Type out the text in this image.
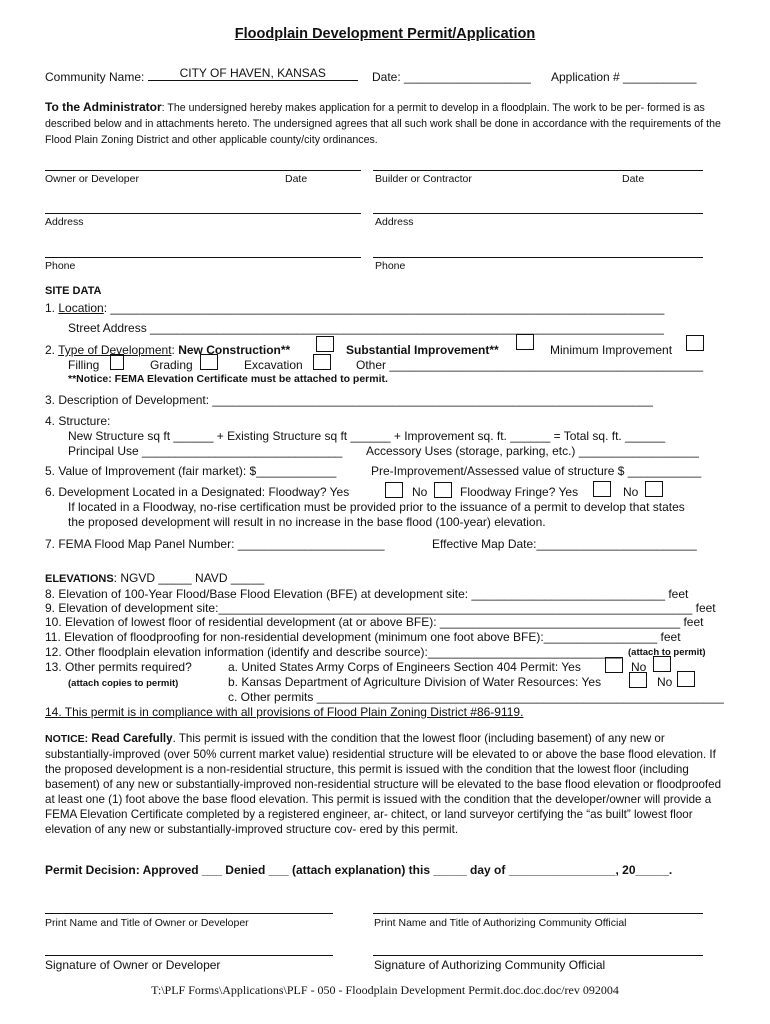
Floodplain Development Permit/Application
Community Name:	CITY OF HAVEN, KANSAS	Date: ___________________ Application # ___________
To the Administrator: The undersigned hereby makes application for a permit to develop in a floodplain. The work to be per- formed is as described below and in attachments hereto. The undersigned agrees that all such work shall be done in accordance with the requirements of the Flood Plain Zoning District and other applicable county/city ordinances.
Owner or Developer	Date	Builder or Contractor	Date
Address	Address
Phone	Phone
SITE DATA
1. Location: ___________________________________________________________________________________
Street Address _____________________________________________________________________________
2. Type of Development: New Construction**	Substantial Improvement**	Minimum Improvement
Filling	Grading	Excavation	Other _______________________________________________
**Notice: FEMA Elevation Certificate must be attached to permit.
3. Description of Development: __________________________________________________________________
4. Structure:
New Structure sq ft ______ + Existing Structure sq ft ______ + Improvement sq. ft. ______ = Total sq. ft. ______
Principal Use ______________________________ Accessory Uses (storage, parking, etc.) __________________
5. Value of Improvement (fair market): $____________	Pre-Improvement/Assessed value of structure $ ___________
6. Development Located in a Designated: Floodway? Yes	No	Floodway Fringe? Yes	No
If located in a Floodway, no-rise certification must be provided prior to the issuance of a permit to develop that states
the proposed development will result in no increase in the base flood (100-year) elevation.
7. FEMA Flood Map Panel Number: ______________________	Effective Map Date:________________________
ELEVATIONS: NGVD _____ NAVD _____
8. Elevation of 100-Year Flood/Base Flood Elevation (BFE) at development site: _____________________________ feet
9. Elevation of development site:_______________________________________________________________________ feet
10. Elevation of lowest floor of residential development (at or above BFE): ____________________________________ feet
11. Elevation of floodproofing for non-residential development (minimum one foot above BFE):_________________ feet
12. Other floodplain elevation information (identify and describe source):_____________________________ (attach to permit)
13. Other permits required?	a. United States Army Corps of Engineers Section 404 Permit: Yes	No
(attach copies to permit)	b. Kansas Department of Agriculture Division of Water Resources: Yes	No
c. Other permits _____________________________________________________________
14. This permit is in compliance with all provisions of Flood Plain Zoning District #86-9119.
NOTICE: Read Carefully. This permit is issued with the condition that the lowest floor (including basement) of any new or substantially-improved (over 50% current market value) residential structure will be elevated to or above the base flood elevation. If the proposed development is a non-residential structure, this permit is issued with the condition that the lowest floor (including basement) of any new or substantially-improved non-residential structure will be elevated to the base flood elevation or floodproofed at least one (1) foot above the base flood elevation. This permit is issued with the condition that the developer/owner will provide a FEMA Elevation Certificate completed by a registered engineer, ar- chitect, or land surveyor certifying the “as built” lowest floor elevation of any new or substantially-improved structure cov- ered by this permit.
Permit Decision: Approved ___ Denied ___ (attach explanation) this _____ day of ________________, 20_____.
Print Name and Title of Owner or Developer	Print Name and Title of Authorizing Community Official
Signature of Owner or Developer	Signature of Authorizing Community Official
T:\PLF Forms\Applications\PLF - 050 - Floodplain Development Permit.doc.doc.doc/rev 092004
